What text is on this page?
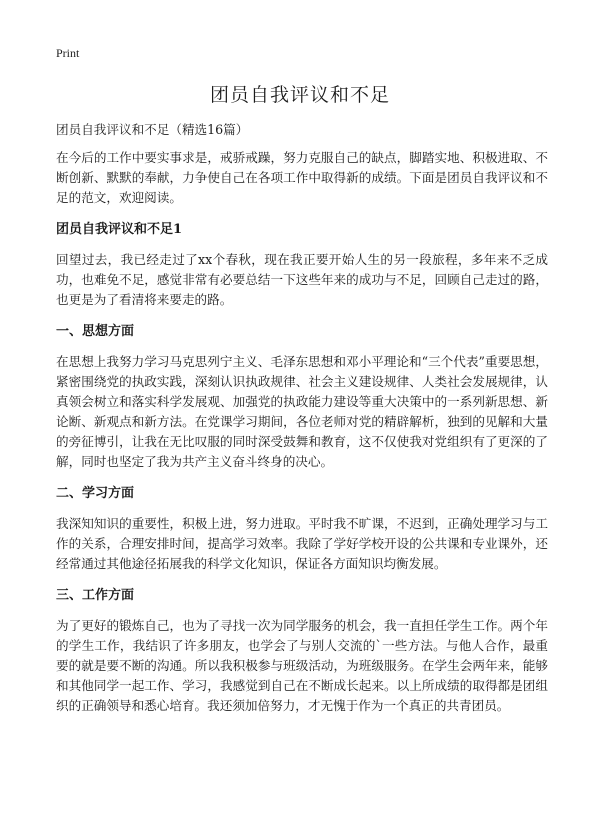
Print
团员自我评议和不足

团员自我评议和不足（精选16篇）

在今后的工作中要实事求是，戒骄戒躁，努力克服自己的缺点，脚踏实地、积极进取、不断创新、默默的奉献，力争使自己在各项工作中取得新的成绩。下面是团员自我评议和不足的范文，欢迎阅读。

团员自我评议和不足1

回望过去，我已经走过了xx个春秋，现在我正要开始人生的另一段旅程，多年来不乏成功，也难免不足，感觉非常有必要总结一下这些年来的成功与不足，回顾自己走过的路，也更是为了看清将来要走的路。

一、思想方面

在思想上我努力学习马克思列宁主义、毛泽东思想和邓小平理论和“三个代表”重要思想，紧密围绕党的执政实践，深刻认识执政规律、社会主义建设规律、人类社会发展规律，认真领会树立和落实科学发展观、加强党的执政能力建设等重大决策中的一系列新思想、新论断、新观点和新方法。在党课学习期间，各位老师对党的精辟解析，独到的见解和大量的旁征博引，让我在无比叹服的同时深受鼓舞和教育，这不仅使我对党组织有了更深的了解，同时也坚定了我为共产主义奋斗终身的决心。

二、学习方面

我深知知识的重要性，积极上进，努力进取。平时我不旷课，不迟到，正确处理学习与工作的关系，合理安排时间，提高学习效率。我除了学好学校开设的公共课和专业课外，还经常通过其他途径拓展我的科学文化知识，保证各方面知识均衡发展。

三、工作方面

为了更好的锻炼自己，也为了寻找一次为同学服务的机会，我一直担任学生工作。两个年的学生工作，我结识了许多朋友，也学会了与别人交流的`一些方法。与他人合作，最重要的就是要不断的沟通。所以我积极参与班级活动，为班级服务。在学生会两年来，能够和其他同学一起工作、学习，我感觉到自己在不断成长起来。以上所成绩的取得都是团组织的正确领导和悉心培育。我还须加倍努力，才无愧于作为一个真正的共青团员。
